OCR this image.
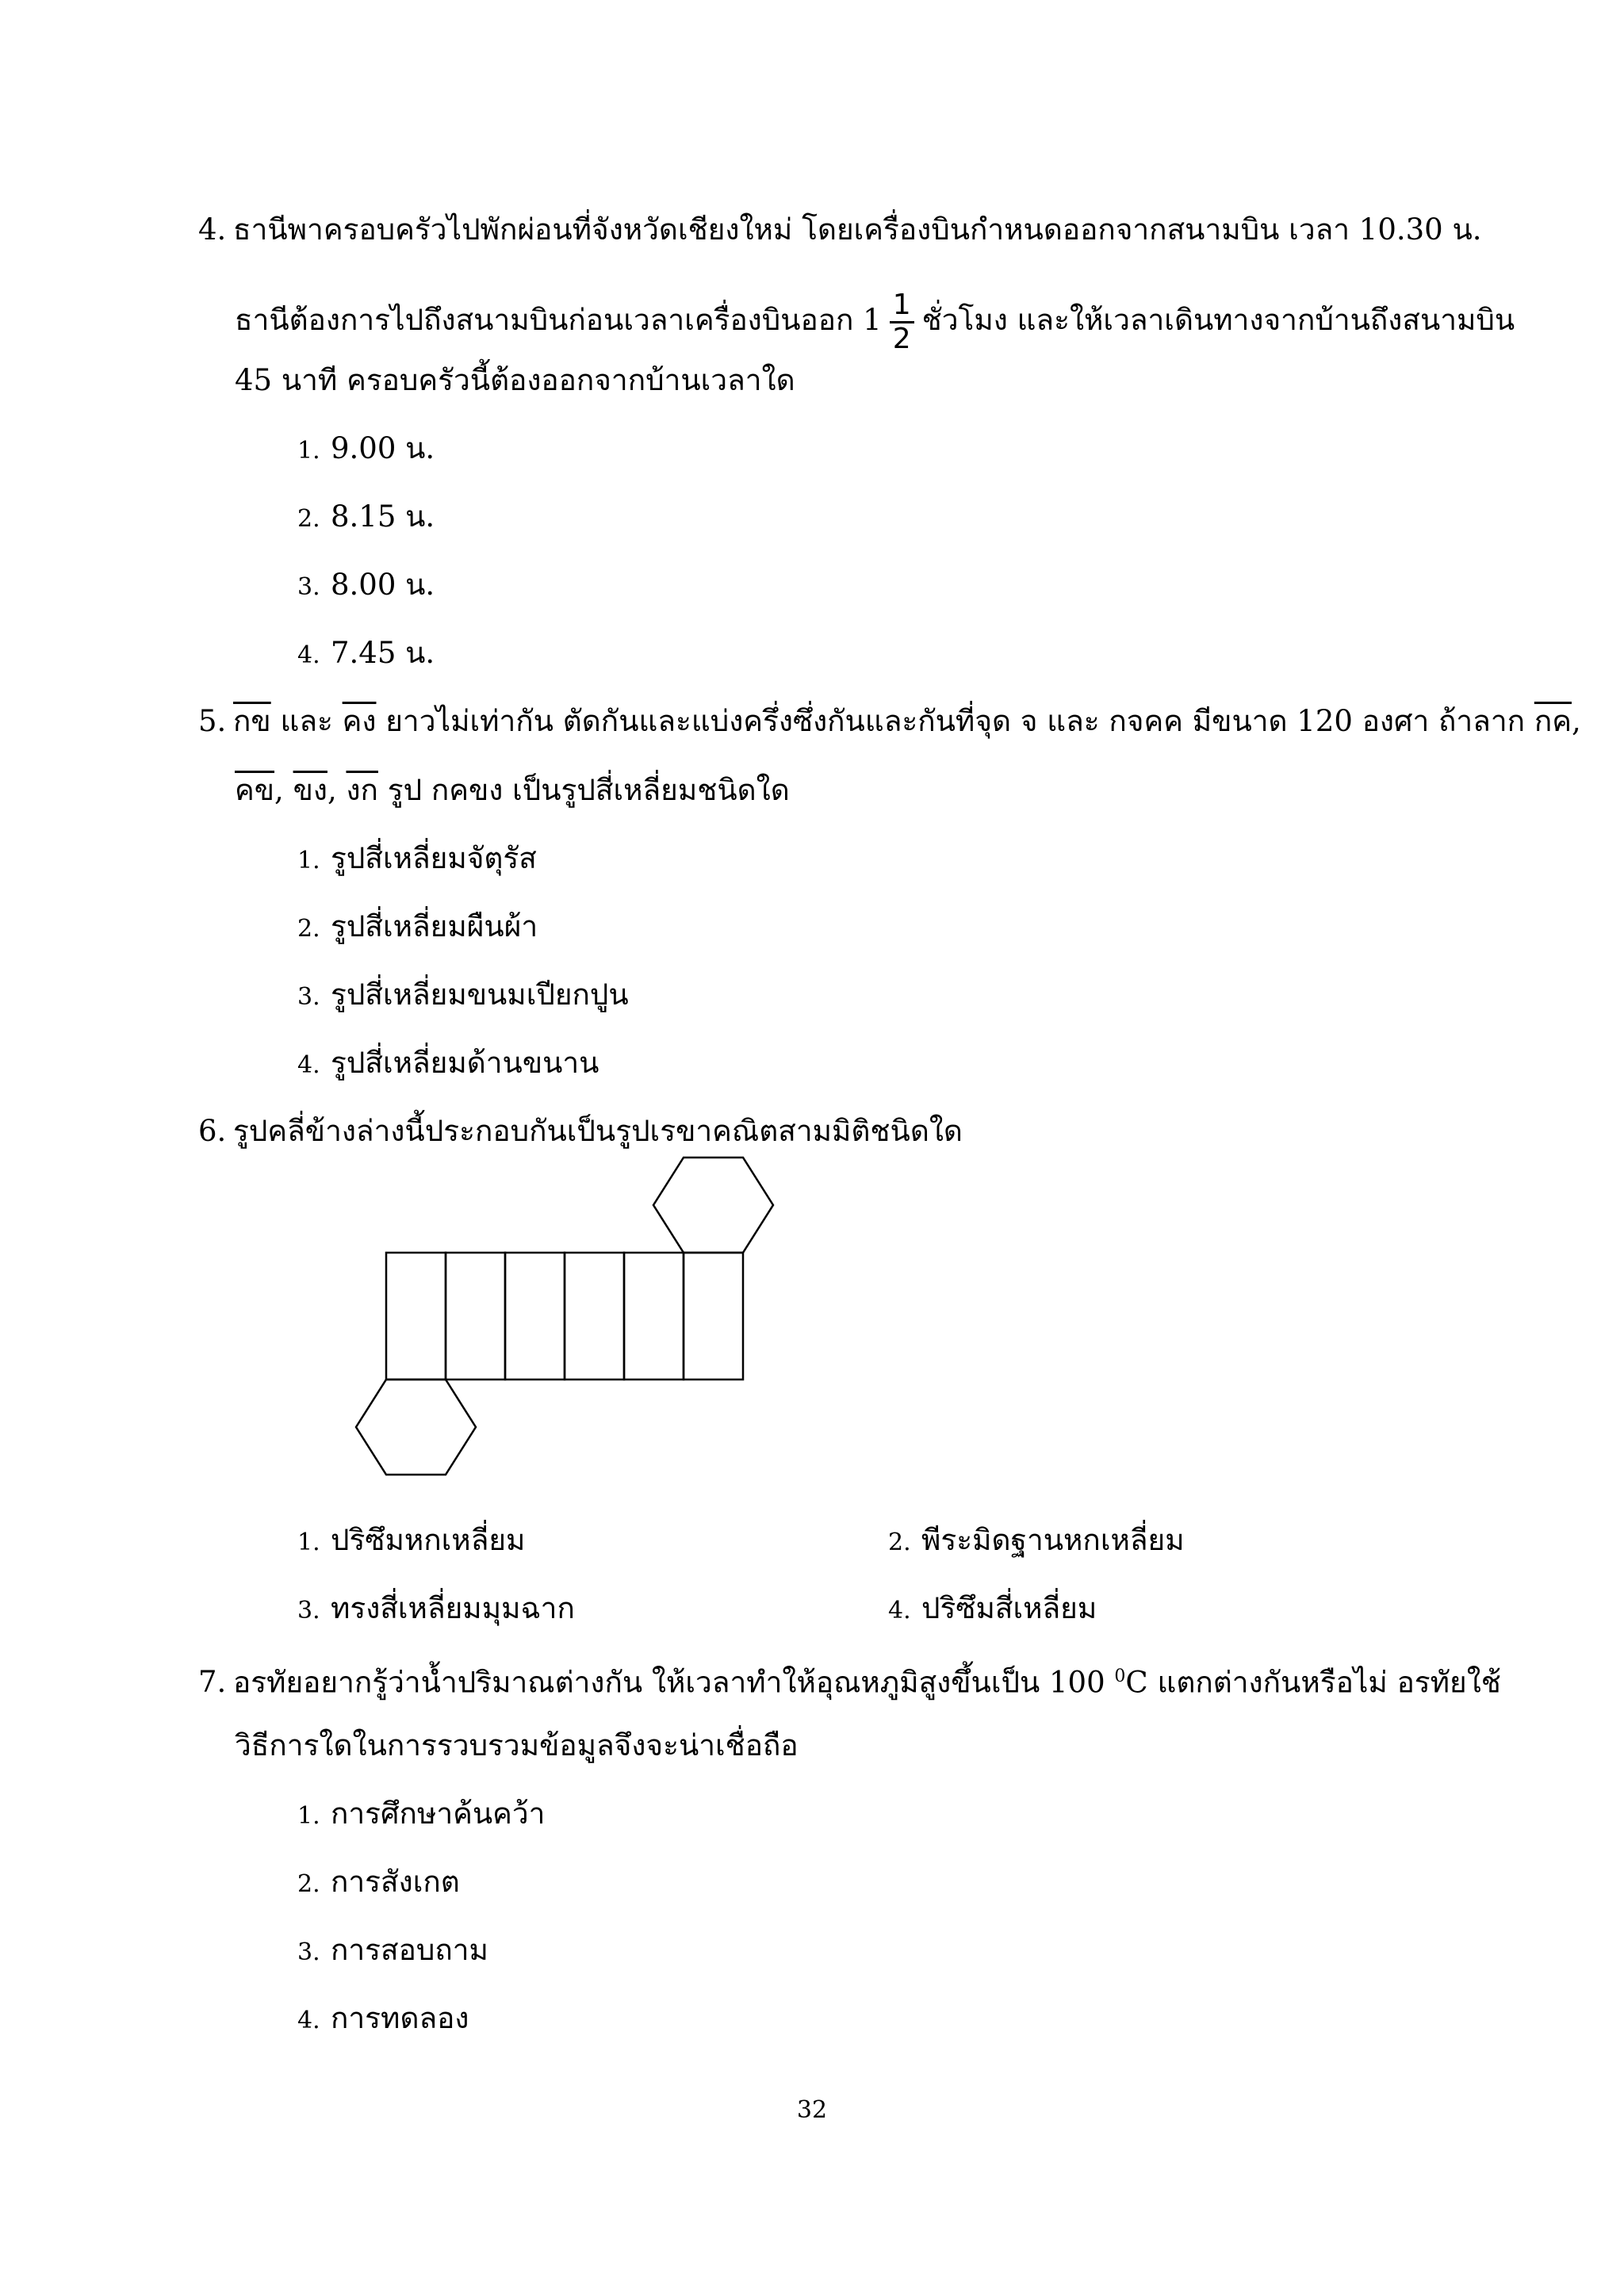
4. ธานีพาครอบครัวไปพักผ่อนที่จังหวัดเชียงใหม่ โดยเครื่องบินกำหนดออกจากสนามบิน เวลา 10.30 น.
ธานีต้องการไปถึงสนามบินก่อนเวลาเครื่องบินออก $1 \frac{1}{2}$ ชั่วโมง และให้เวลาเดินทางจากบ้านถึงสนามบิน
45 นาที ครอบครัวนี้ต้องออกจากบ้านเวลาใด
1. 9.00 น.
2. 8.15 น.
3. 8.00 น.
4. 7.45 น.
5. กข และ คง ยาวไม่เท่ากัน ตัดกันและแบ่งครึ่งซึ่งกันและกันที่จุด จ และ กจคค มีขนาด 120 องศา ถ้าลาก กค,
คข, ขง, งก รูป กคขง เป็นรูปสี่เหลี่ยมชนิดใด
1. รูปสี่เหลี่ยมจัตุรัส
2. รูปสี่เหลี่ยมผืนผ้า
3. รูปสี่เหลี่ยมขนมเปียกปูน
4. รูปสี่เหลี่ยมด้านขนาน
6. รูปคลี่ข้างล่างนี้ประกอบกันเป็นรูปเรขาคณิตสามมิติชนิดใด
1. ปริซึมหกเหลี่ยม	2. พีระมิดฐานหกเหลี่ยม
3. ทรงสี่เหลี่ยมมุมฉาก	4. ปริซึมสี่เหลี่ยม
7. อรทัยอยากรู้ว่าน้ำปริมาณต่างกัน ให้เวลาทำให้อุณหภูมิสูงขึ้นเป็น 100 $^0$C แตกต่างกันหรือไม่ อรทัยใช้
วิธีการใดในการรวบรวมข้อมูลจึงจะน่าเชื่อถือ
1. การศึกษาค้นคว้า
2. การสังเกต
3. การสอบถาม
4. การทดลอง
32
